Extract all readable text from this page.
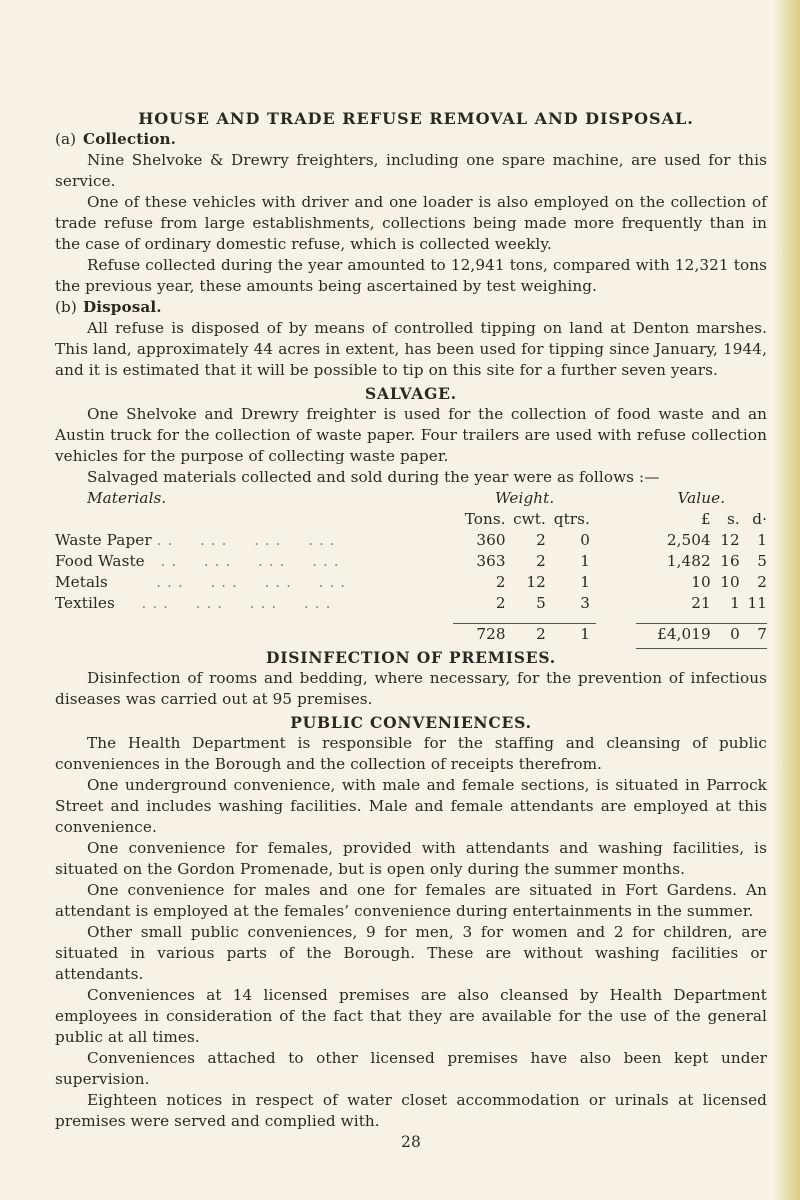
HOUSE AND TRADE REFUSE REMOVAL AND DISPOSAL.
(a) Collection.

Nine Shelvoke & Drewry freighters, including one spare machine, are used for this service.

One of these vehicles with driver and one loader is also employed on the collection of trade refuse from large establishments, collections being made more frequently than in the case of ordinary domestic refuse, which is collected weekly.

Refuse collected during the year amounted to 12,941 tons, compared with 12,321 tons the previous year, these amounts being ascertained by test weighing.

(b) Disposal.

All refuse is disposed of by means of controlled tipping on land at Denton marshes. This land, approximately 44 acres in extent, has been used for tipping since January, 1944, and it is estimated that it will be possible to tip on this site for a further seven years.

SALVAGE.

One Shelvoke and Drewry freighter is used for the collection of food waste and an Austin truck for the collection of waste paper. Four trailers are used with refuse collection vehicles for the purpose of collecting waste paper.

Salvaged materials collected and sold during the year were as follows :—

Materials.	Weight.				Value.		
	Tons.	cwt.	qtrs.		£	s.	d·
Waste Paper ..  ...  ...  ...	360	2	0		2,504	12	1
Food Waste  ..  ...  ...  ...	363	2	1		1,482	16	5
Metals     ...  ...  ...  ...	2	12	1		10	10	2
Textiles   ...  ...  ...  ...	2	5	3		21	1	11

	728	2	1		£4,019	0	7

DISINFECTION OF PREMISES.

Disinfection of rooms and bedding, where necessary, for the prevention of infectious diseases was carried out at 95 premises.

PUBLIC CONVENIENCES.

The Health Department is responsible for the staffing and cleansing of public conveniences in the Borough and the collection of receipts therefrom.

One underground convenience, with male and female sections, is situated in Parrock Street and includes washing facilities. Male and female attendants are employed at this convenience.

One convenience for females, provided with attendants and washing facilities, is situated on the Gordon Promenade, but is open only during the summer months.

One convenience for males and one for females are situated in Fort Gardens. An attendant is employed at the females’ convenience during entertainments in the summer.

Other small public conveniences, 9 for men, 3 for women and 2 for children, are situated in various parts of the Borough. These are without washing facilities or attendants.

Conveniences at 14 licensed premises are also cleansed by Health Department employees in consideration of the fact that they are available for the use of the general public at all times.

Conveniences attached to other licensed premises have also been kept under supervision.

Eighteen notices in respect of water closet accommodation or urinals at licensed premises were served and complied with.

28
